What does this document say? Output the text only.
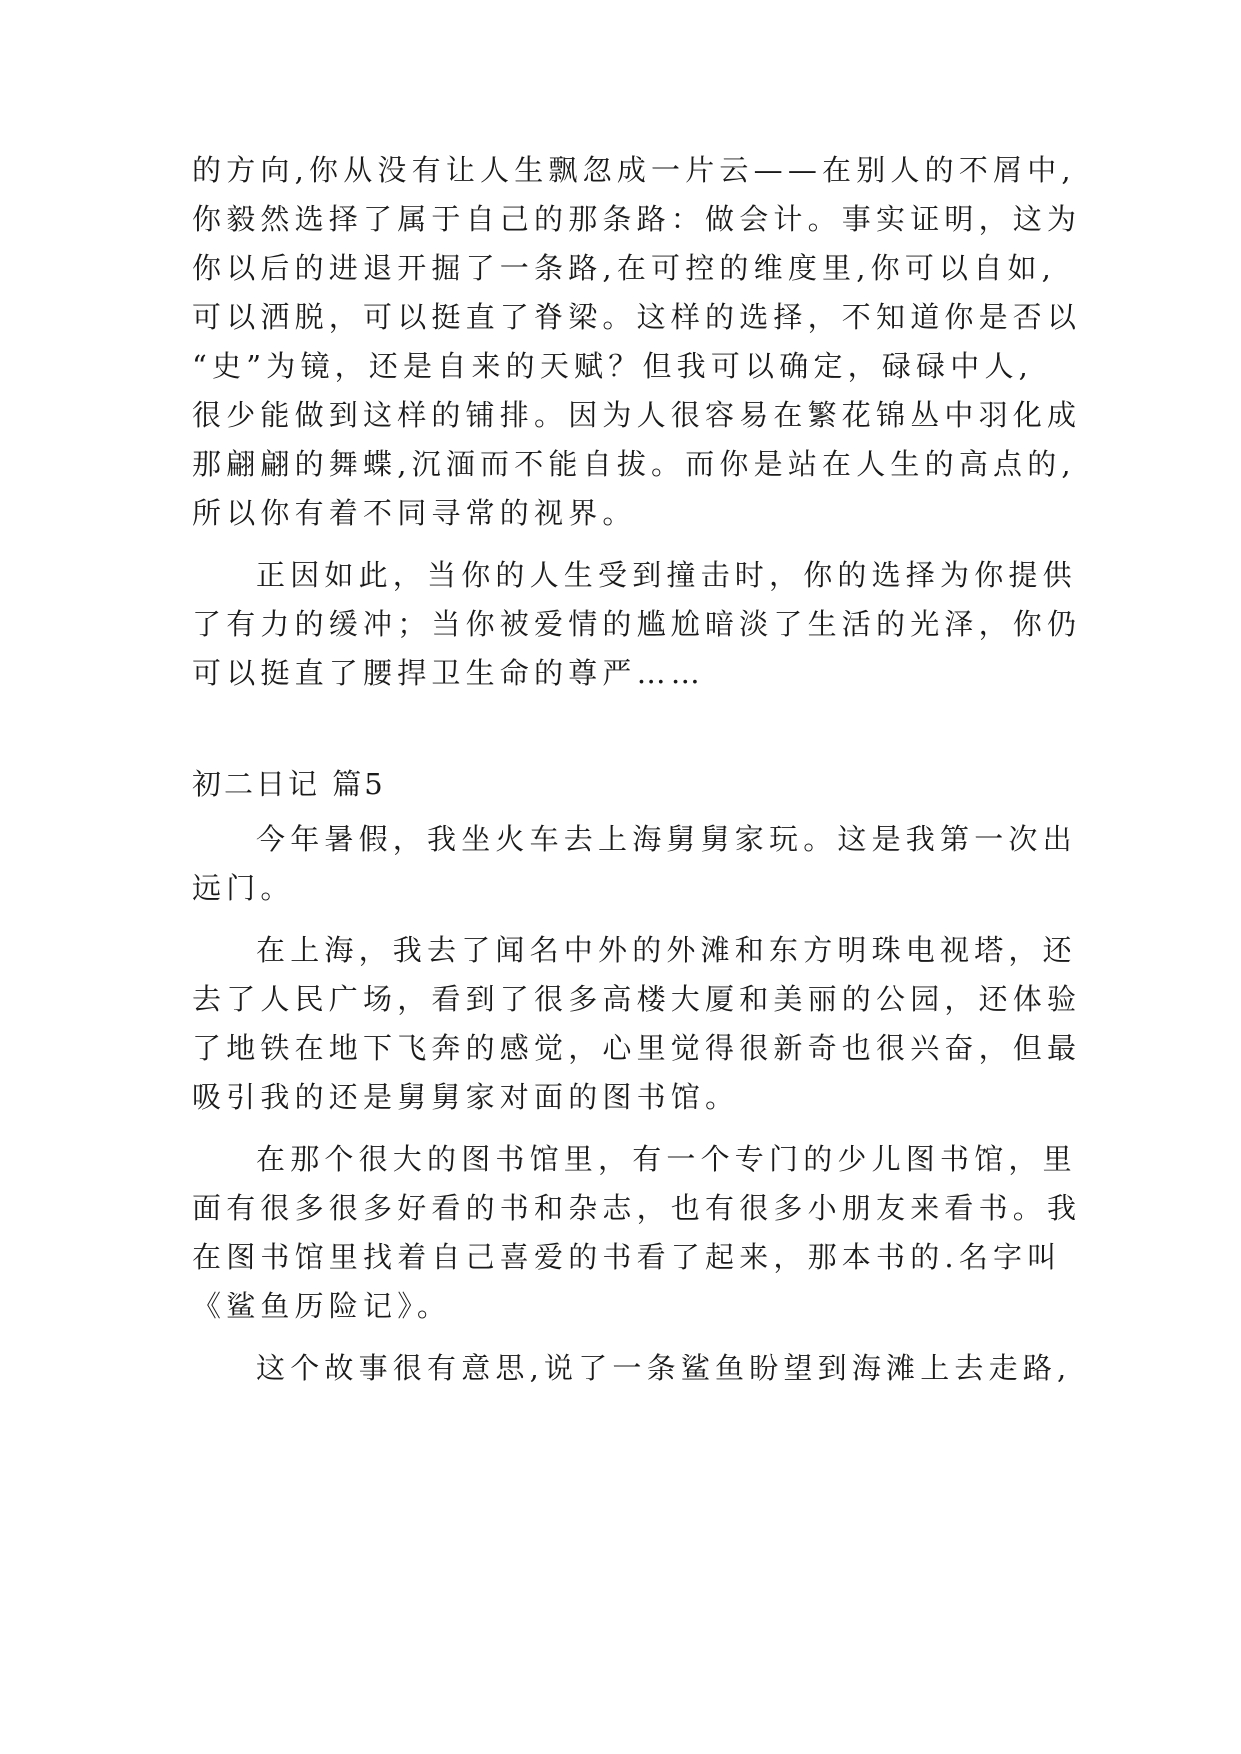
的方向,你从没有让人生飘忽成一片云——在别人的不屑中,
你毅然选择了属于自己的那条路：做会计。事实证明，这为
你以后的进退开掘了一条路,在可控的维度里,你可以自如,
可以洒脱，可以挺直了脊梁。这样的选择，不知道你是否以
“史”为镜，还是自来的天赋？但我可以确定，碌碌中人,
很少能做到这样的铺排。因为人很容易在繁花锦丛中羽化成
那翩翩的舞蝶,沉湎而不能自拔。而你是站在人生的高点的,
所以你有着不同寻常的视界。
正因如此，当你的人生受到撞击时，你的选择为你提供
了有力的缓冲；当你被爱情的尴尬暗淡了生活的光泽，你仍
可以挺直了腰捍卫生命的尊严……
初二日记 篇5
今年暑假，我坐火车去上海舅舅家玩。这是我第一次出
远门。
在上海，我去了闻名中外的外滩和东方明珠电视塔，还
去了人民广场，看到了很多高楼大厦和美丽的公园，还体验
了地铁在地下飞奔的感觉，心里觉得很新奇也很兴奋，但最
吸引我的还是舅舅家对面的图书馆。
在那个很大的图书馆里，有一个专门的少儿图书馆，里
面有很多很多好看的书和杂志，也有很多小朋友来看书。我
在图书馆里找着自己喜爱的书看了起来，那本书的.名字叫
《鲨鱼历险记》。
这个故事很有意思,说了一条鲨鱼盼望到海滩上去走路,
